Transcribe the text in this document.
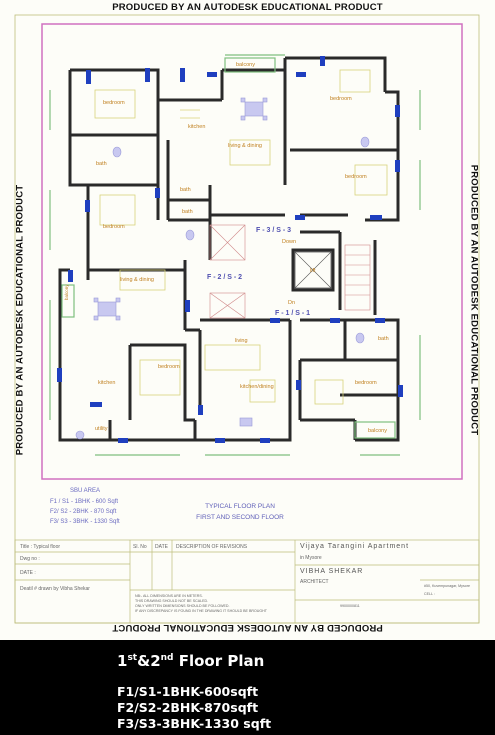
PRODUCED BY AN AUTODESK EDUCATIONAL PRODUCT
PRODUCED BY AN AUTODESK EDUCATIONAL PRODUCT
PRODUCED BY AN AUTODESK EDUCATIONAL PRODUCT	PRODUCED BY AN AUTODESK EDUCATIONAL PRODUCT
balcony
bedroom
kitchen
living & dining
bedroom
bedroom
bath
bath
bath
bedroom
living & dining
living
bedroom
kitchen
utility
kitchen/dining
bedroom
bath
balcony
balcony
lift
Dn
Down
F - 3 / S - 3
F - 2 / S - 2
F - 1 / S - 1
SBU AREA
F1 / S1 - 1BHK - 600 Sqft
F2/ S2 - 2BHK - 870 Sqft
F3/ S3 - 3BHK - 1330 Sqft
TYPICAL FLOOR PLAN
FIRST AND SECOND FLOOR
Title : Typical floor
Dwg no :
DATE :
Deatil # drawn by Vibha Shekar
Sl. No DATE DESCRIPTION OF REVISIONS	Vijaya Tarangini Apartment
in Mysore
VIBHA SHEKAR
ARCHITECT
NB:- ALL DIMENSIONS ARE IN METERS.
THIS DRAWING SHOULD NOT BE SCALED.
ONLY WRITTEN DIMENSIONS SHOULD BE FOLLOWED.
IF ANY DISCREPANCY IS FOUND IN THE DRAWING IT SHOULD BE BROUGHT
#50, Kuvempunagar, Mysore
CELL :
9900000811
1st&2nd Floor Plan
F1/S1-1BHK-600sqft
F2/S2-2BHK-870sqft
F3/S3-3BHK-1330 sqft
